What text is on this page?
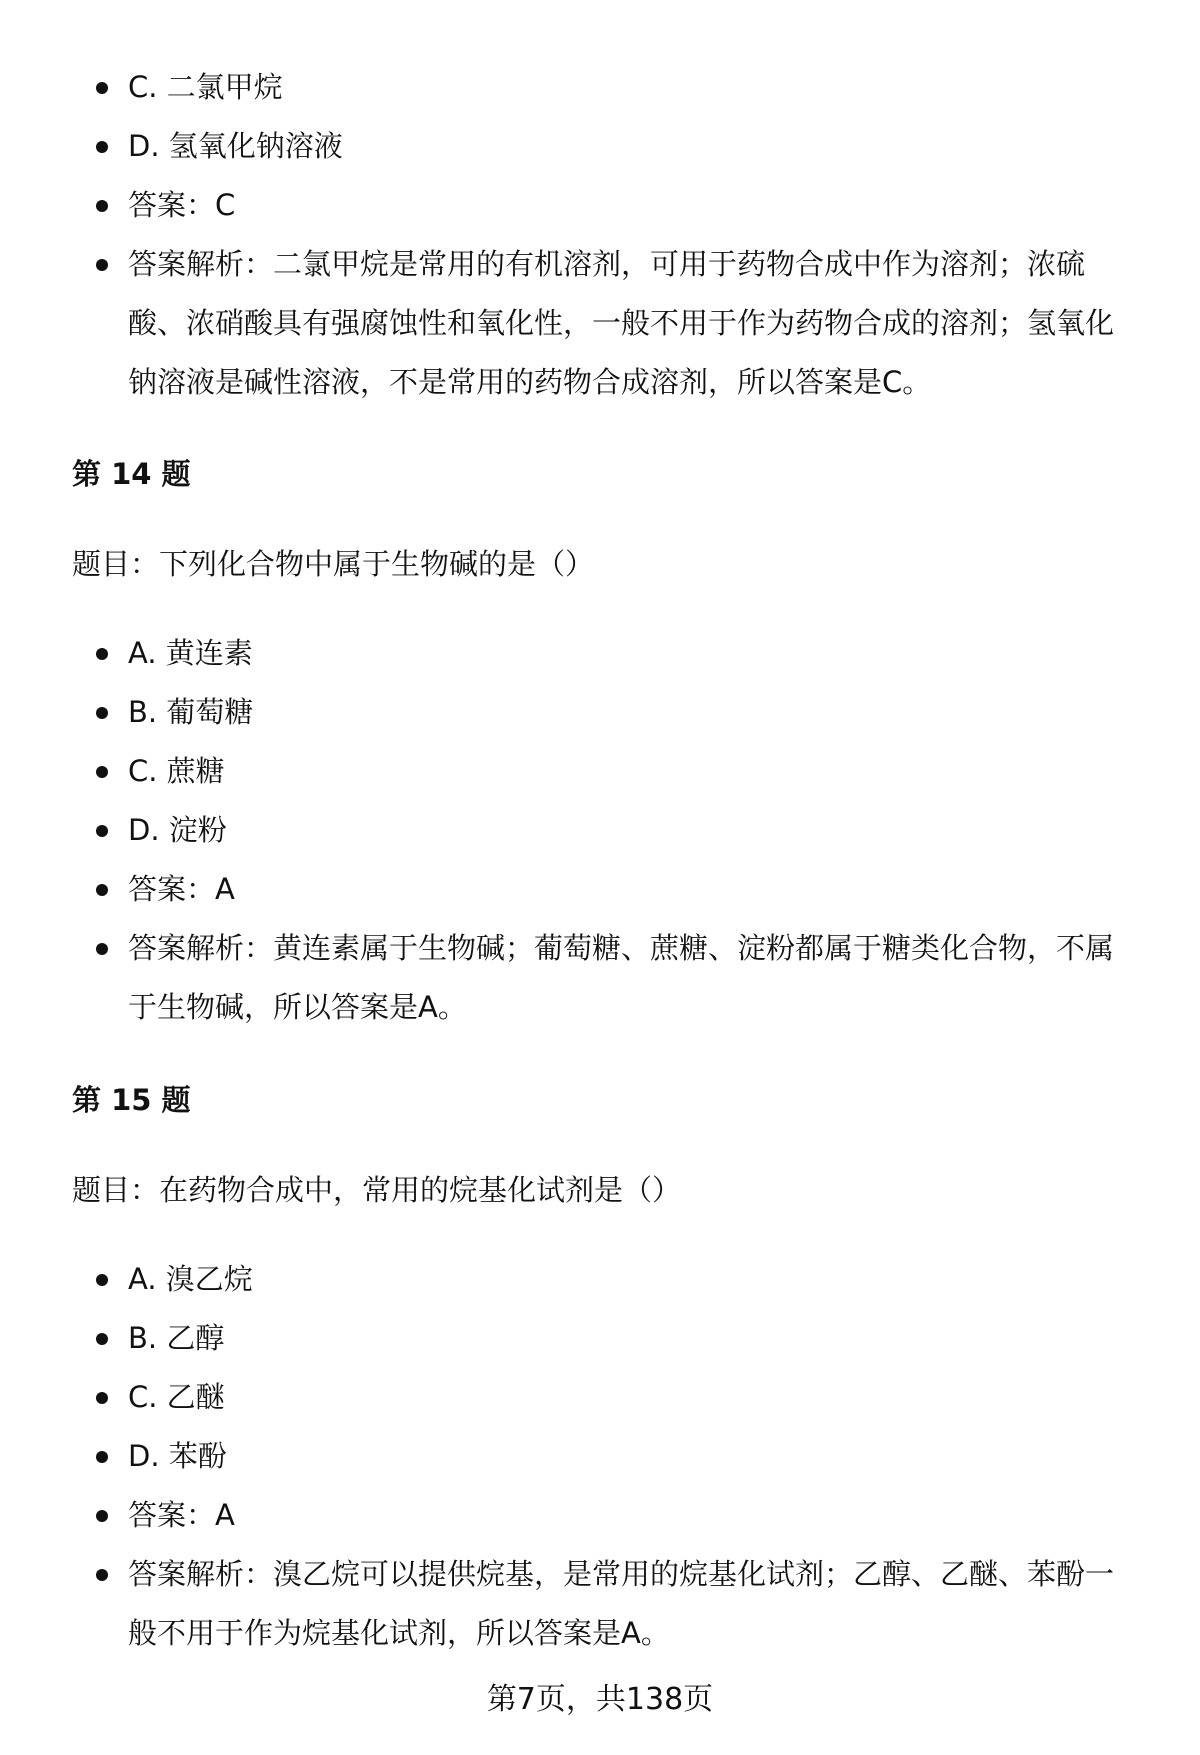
C. 二氯甲烷
D. 氢氧化钠溶液
答案：C
答案解析：二氯甲烷是常用的有机溶剂，可用于药物合成中作为溶剂；浓硫酸、浓硝酸具有强腐蚀性和氧化性，一般不用于作为药物合成的溶剂；氢氧化钠溶液是碱性溶液，不是常用的药物合成溶剂，所以答案是C。
第 14 题
题目：下列化合物中属于生物碱的是（）
A. 黄连素
B. 葡萄糖
C. 蔗糖
D. 淀粉
答案：A
答案解析：黄连素属于生物碱；葡萄糖、蔗糖、淀粉都属于糖类化合物，不属于生物碱，所以答案是A。
第 15 题
题目：在药物合成中，常用的烷基化试剂是（）
A. 溴乙烷
B. 乙醇
C. 乙醚
D. 苯酚
答案：A
答案解析：溴乙烷可以提供烷基，是常用的烷基化试剂；乙醇、乙醚、苯酚一般不用于作为烷基化试剂，所以答案是A。
第7页，共138页
